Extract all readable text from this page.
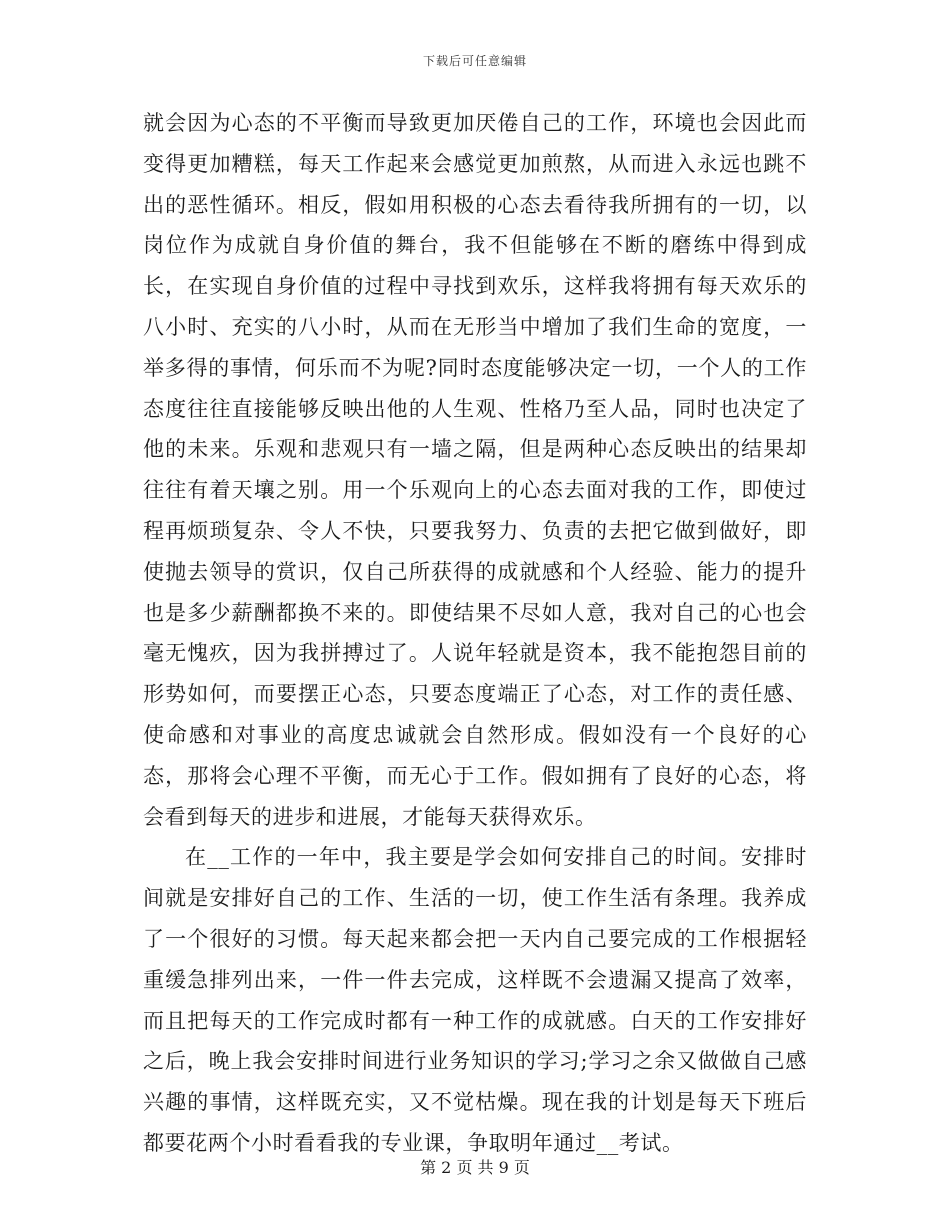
下载后可任意编辑

就会因为心态的不平衡而导致更加厌倦自己的工作，环境也会因此而变得更加糟糕，每天工作起来会感觉更加煎熬，从而进入永远也跳不出的恶性循环。相反，假如用积极的心态去看待我所拥有的一切，以岗位作为成就自身价值的舞台，我不但能够在不断的磨练中得到成长，在实现自身价值的过程中寻找到欢乐，这样我将拥有每天欢乐的八小时、充实的八小时，从而在无形当中增加了我们生命的宽度，一举多得的事情，何乐而不为呢?同时态度能够决定一切，一个人的工作态度往往直接能够反映出他的人生观、性格乃至人品，同时也决定了他的未来。乐观和悲观只有一墙之隔，但是两种心态反映出的结果却往往有着天壤之别。用一个乐观向上的心态去面对我的工作，即使过程再烦琐复杂、令人不快，只要我努力、负责的去把它做到做好，即使抛去领导的赏识，仅自己所获得的成就感和个人经验、能力的提升也是多少薪酬都换不来的。即使结果不尽如人意，我对自己的心也会毫无愧疚，因为我拼搏过了。人说年轻就是资本，我不能抱怨目前的形势如何，而要摆正心态，只要态度端正了心态，对工作的责任感、使命感和对事业的高度忠诚就会自然形成。假如没有一个良好的心态，那将会心理不平衡，而无心于工作。假如拥有了良好的心态，将会看到每天的进步和进展，才能每天获得欢乐。

在__工作的一年中，我主要是学会如何安排自己的时间。安排时间就是安排好自己的工作、生活的一切，使工作生活有条理。我养成了一个很好的习惯。每天起来都会把一天内自己要完成的工作根据轻重缓急排列出来，一件一件去完成，这样既不会遗漏又提高了效率，而且把每天的工作完成时都有一种工作的成就感。白天的工作安排好之后，晚上我会安排时间进行业务知识的学习;学习之余又做做自己感兴趣的事情，这样既充实，又不觉枯燥。现在我的计划是每天下班后都要花两个小时看看我的专业课，争取明年通过__考试。

第 2 页 共 9 页
